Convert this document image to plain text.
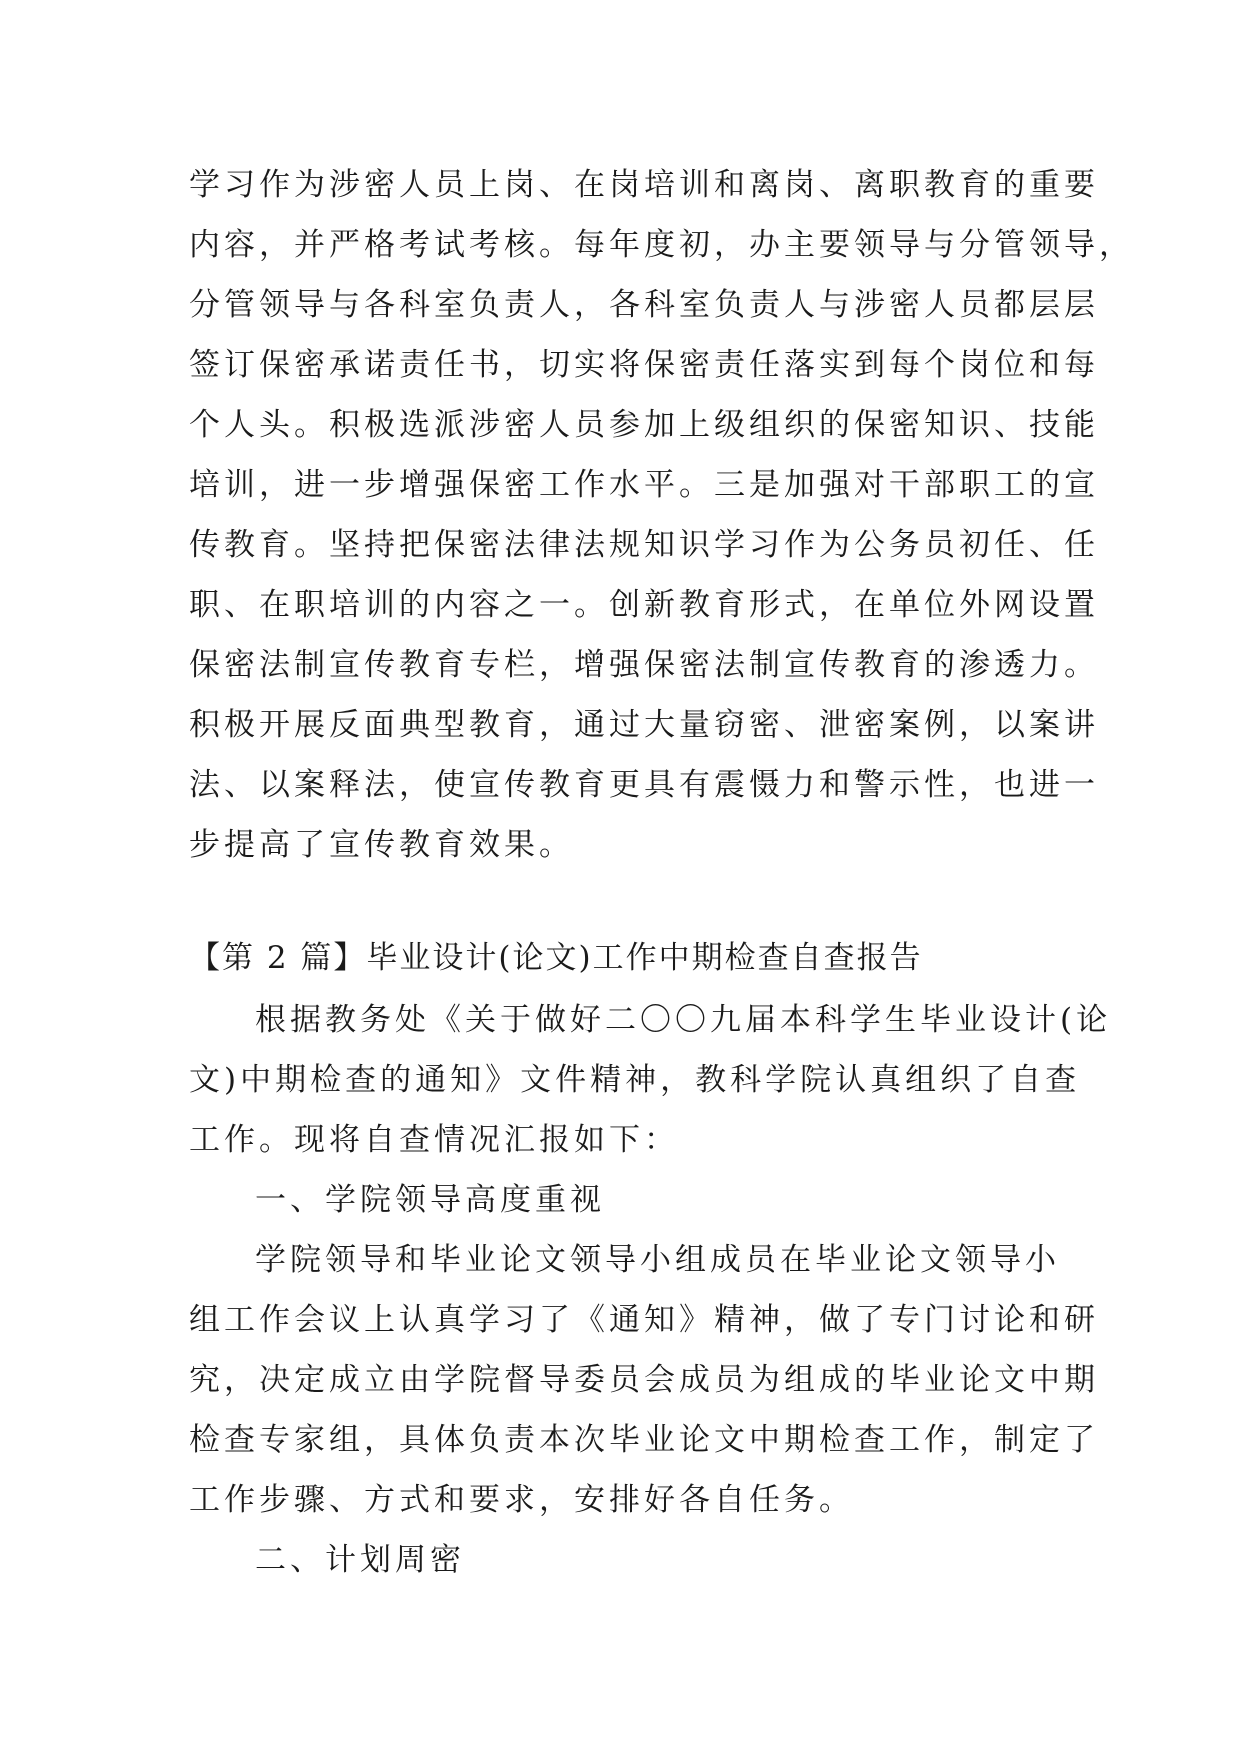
学习作为涉密人员上岗、在岗培训和离岗、离职教育的重要
内容，并严格考试考核。每年度初，办主要领导与分管领导，
分管领导与各科室负责人，各科室负责人与涉密人员都层层
签订保密承诺责任书，切实将保密责任落实到每个岗位和每
个人头。积极选派涉密人员参加上级组织的保密知识、技能
培训，进一步增强保密工作水平。三是加强对干部职工的宣
传教育。坚持把保密法律法规知识学习作为公务员初任、任
职、在职培训的内容之一。创新教育形式，在单位外网设置
保密法制宣传教育专栏，增强保密法制宣传教育的渗透力。
积极开展反面典型教育，通过大量窃密、泄密案例，以案讲
法、以案释法，使宣传教育更具有震慑力和警示性，也进一
步提高了宣传教育效果。
【第 2 篇】毕业设计(论文)工作中期检查自查报告
根据教务处《关于做好二〇〇九届本科学生毕业设计(论
文)中期检查的通知》文件精神，教科学院认真组织了自查
工作。现将自查情况汇报如下：
一、学院领导高度重视
学院领导和毕业论文领导小组成员在毕业论文领导小
组工作会议上认真学习了《通知》精神，做了专门讨论和研
究，决定成立由学院督导委员会成员为组成的毕业论文中期
检查专家组，具体负责本次毕业论文中期检查工作，制定了
工作步骤、方式和要求，安排好各自任务。
二、计划周密
